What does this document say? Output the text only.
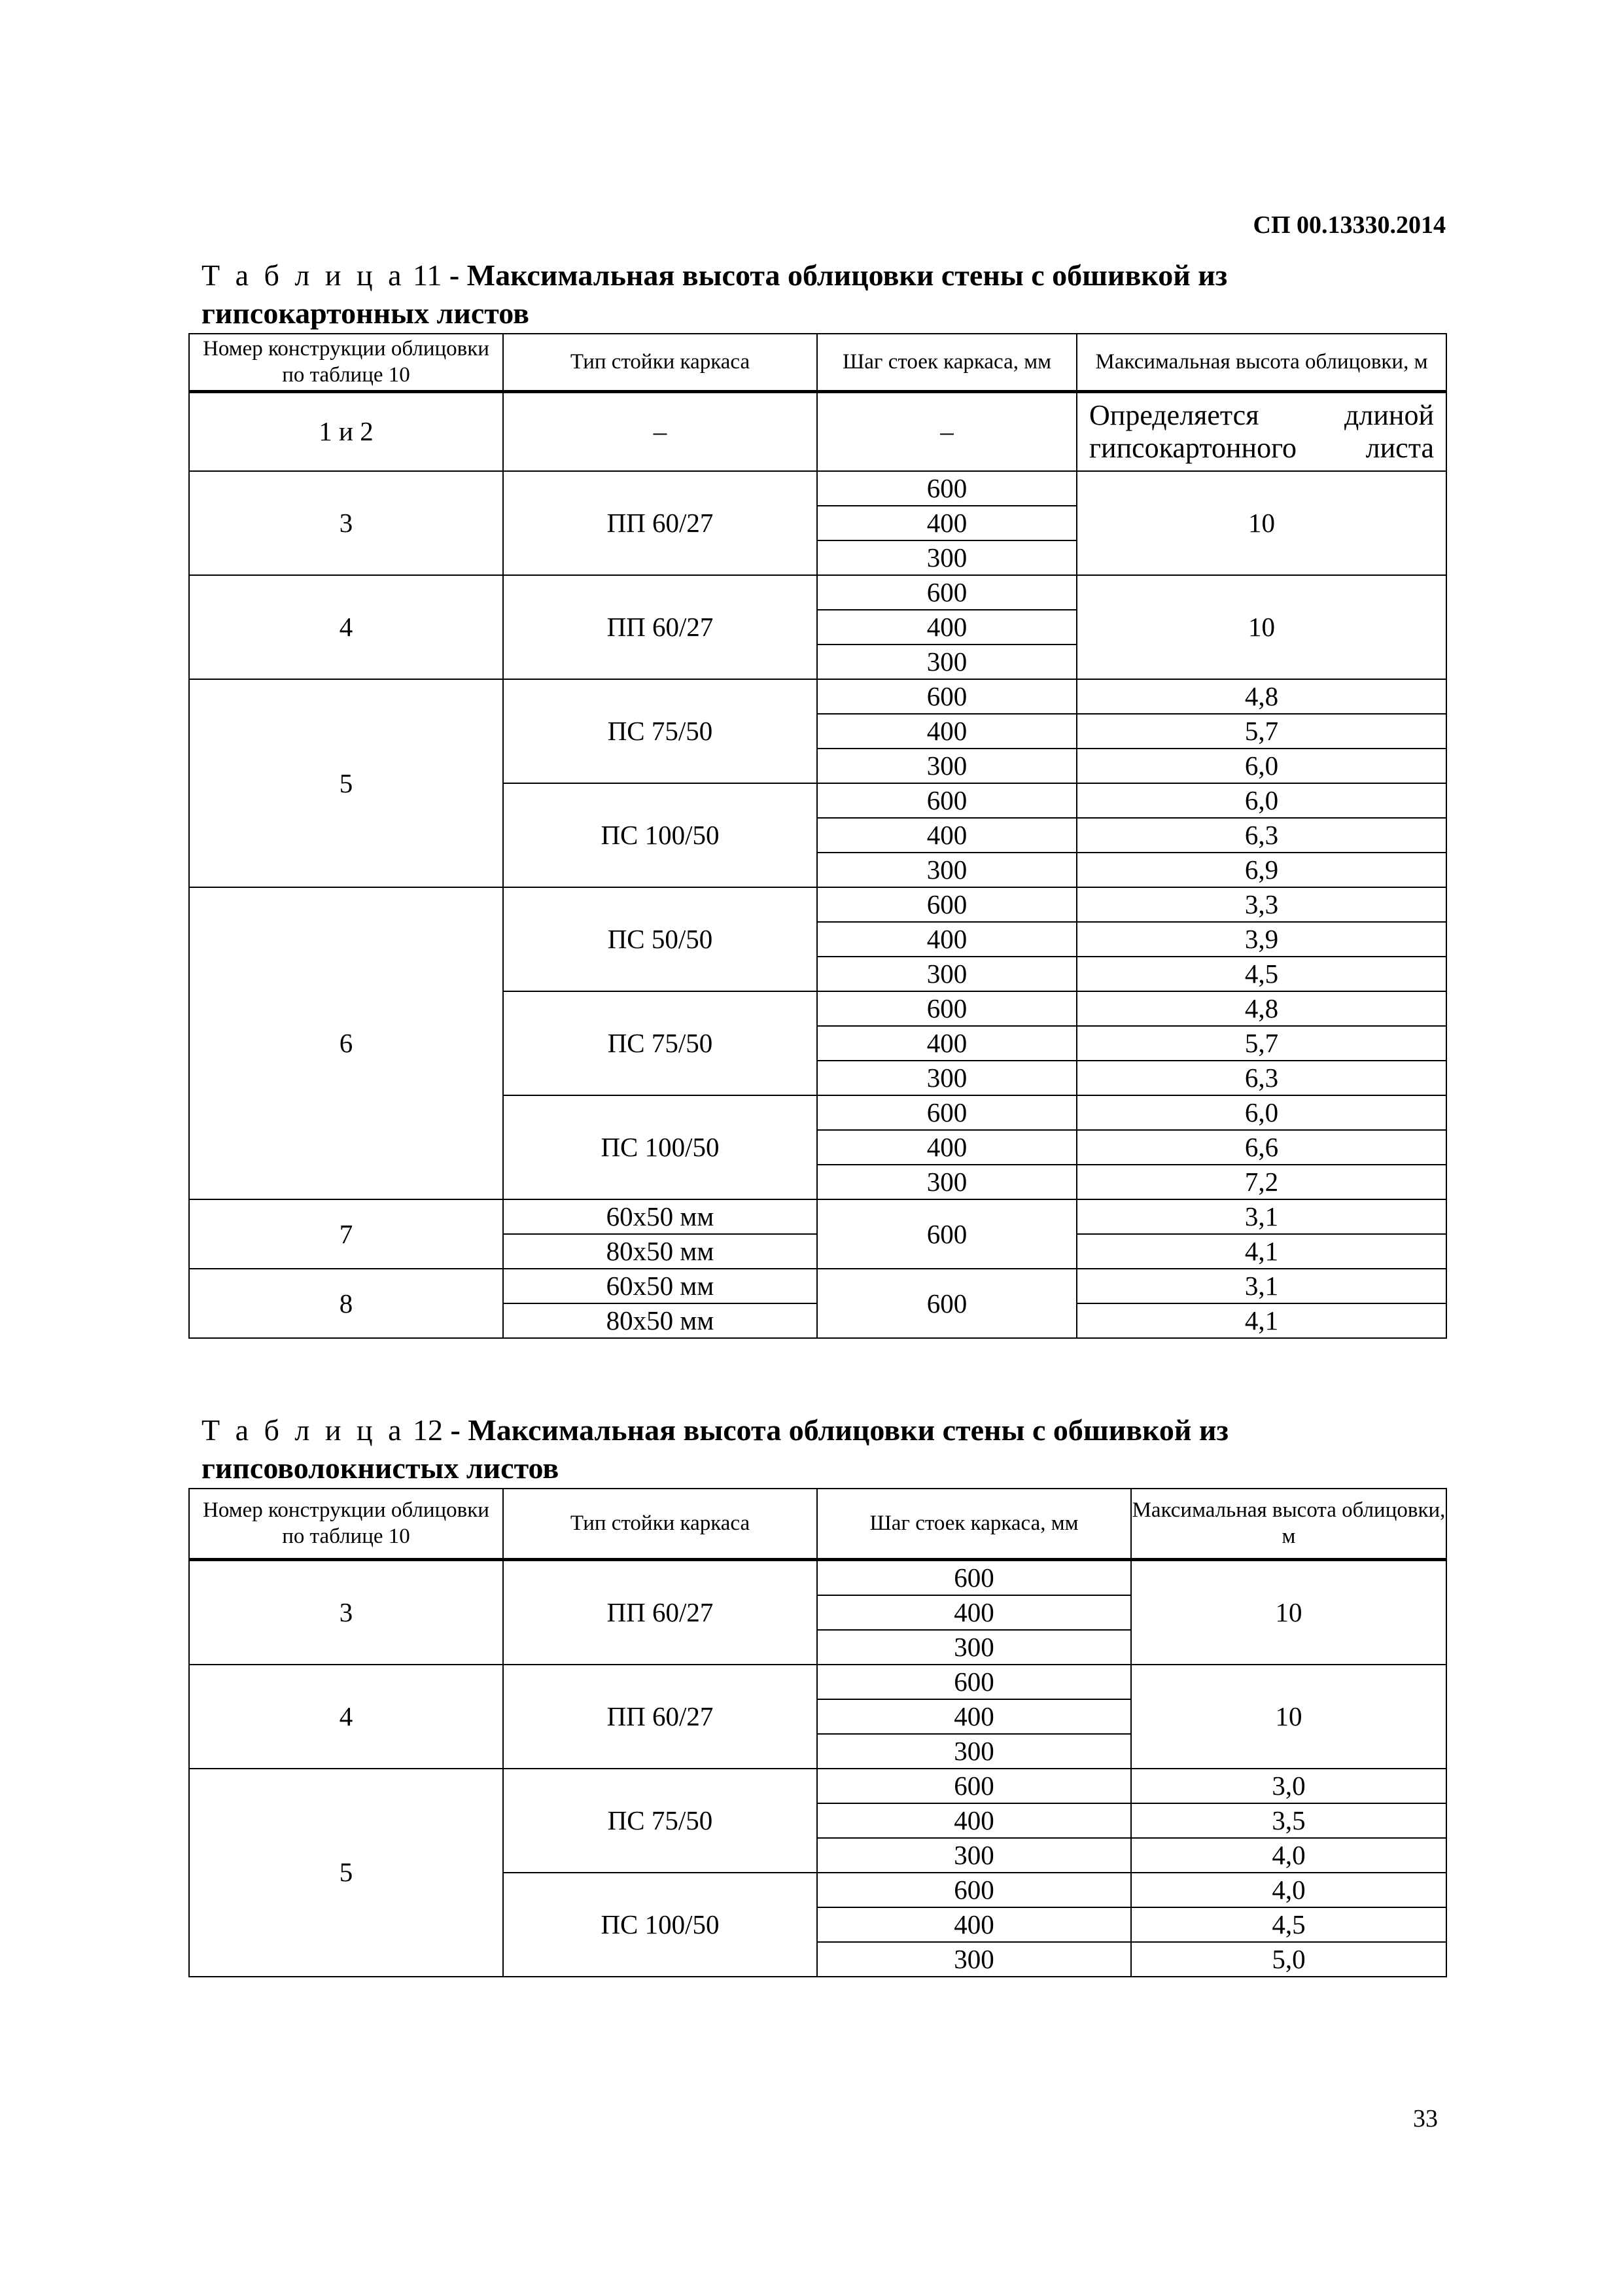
СП 00.13330.2014
Т а б л и ц а 11 - Максимальная высота облицовки стены с обшивкой из
гипсокартонных листов
Номер конструкции облицовки по таблице 10	Тип стойки каркаса	Шаг стоек каркаса, мм	Максимальная высота облицовки, м
1 и 2	–	–	Определяется длиной гипсокартонного листа
3	ПП 60/27	600	10
		400	
		300	
4	ПП 60/27	600	10
		400	
		300	
5	ПС 75/50	600	4,8
		400	5,7
		300	6,0
	ПС 100/50	600	6,0
		400	6,3
		300	6,9
6	ПС 50/50	600	3,3
		400	3,9
		300	4,5
	ПС 75/50	600	4,8
		400	5,7
		300	6,3
	ПС 100/50	600	6,0
		400	6,6
		300	7,2
7	60х50 мм	600	3,1
	80х50 мм		4,1
8	60х50 мм	600	3,1
	80х50 мм		4,1
Т а б л и ц а 12 - Максимальная высота облицовки стены с обшивкой из
гипсоволокнистых листов
Номер конструкции облицовки по таблице 10	Тип стойки каркаса	Шаг стоек каркаса, мм	Максимальная высота облицовки, м
3	ПП 60/27	600	10
		400	
		300	
4	ПП 60/27	600	10
		400	
		300	
5	ПС 75/50	600	3,0
		400	3,5
		300	4,0
	ПС 100/50	600	4,0
		400	4,5
		300	5,0
33
